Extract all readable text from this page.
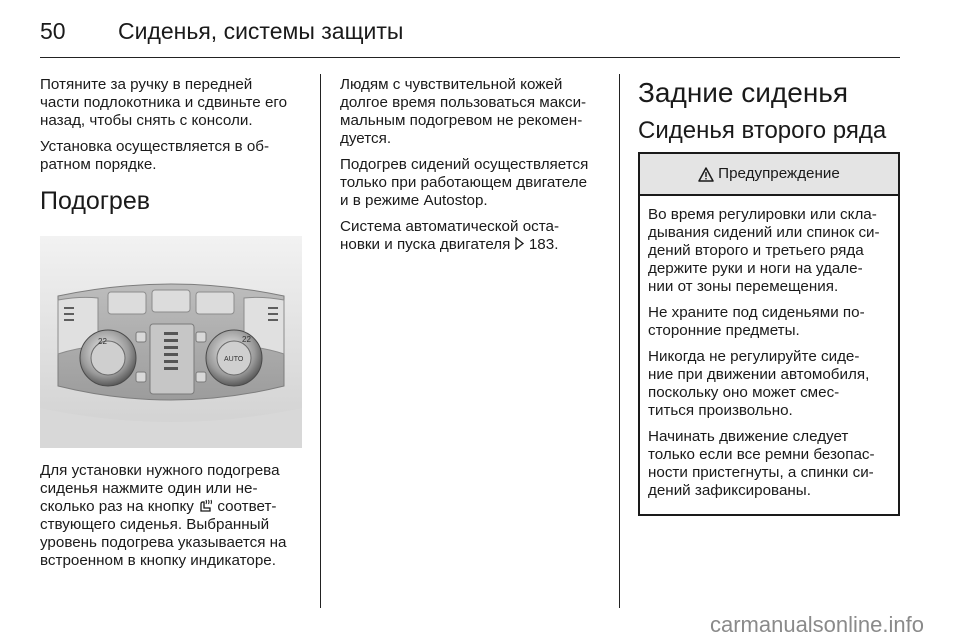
50	Сиденья, системы защиты

Потяните за ручку в передней
части подлокотника и сдвиньте его
назад, чтобы снять с консоли.

Установка осуществляется в об-
ратном порядке.

Подогрев
22	22
AUTO

Для установки нужного подогрева
сиденья нажмите один или не-
сколько раз на кнопку соответ-
ствующего сиденья. Выбранный
уровень подогрева указывается на
встроенном в кнопку индикаторе.

Людям с чувствительной кожей
долгое время пользоваться макси-
мальным подогревом не рекомен-
дуется.

Подогрев сидений осуществляется
только при работающем двигателе
и в режиме Autostop.

Система автоматической оста-
новки и пуска двигателя 183.

Задние сиденья
Сиденья второго ряда
Предупреждение

Во время регулировки или скла-
дывания сидений или спинок си-
дений второго и третьего ряда
держите руки и ноги на удале-
нии от зоны перемещения.

Не храните под сиденьями по-
сторонние предметы.

Никогда не регулируйте сиде-
ние при движении автомобиля,
поскольку оно может смес-
титься произвольно.

Начинать движение следует
только если все ремни безопас-
ности пристегнуты, а спинки си-
дений зафиксированы.

carmanualsonline.info
